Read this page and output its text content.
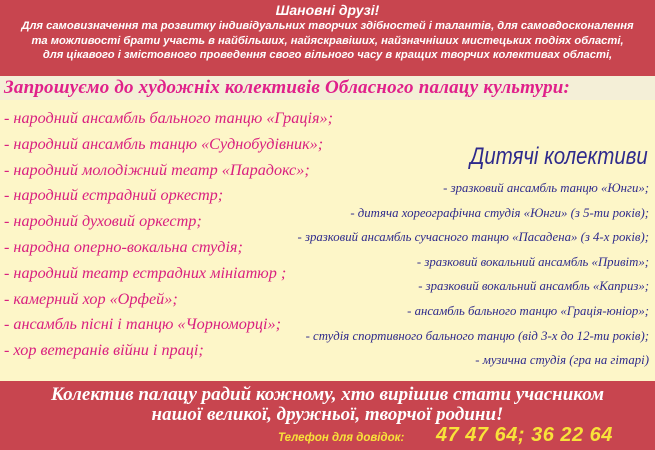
Шановні друзі!
Для самовизначення та розвитку індивідуальних творчих здібностей і талантів, для самовдосконалення
та можливості брати участь в найбільших, найяскравіших, найзначніших мистецьких подіях області,
для цікавого і змістовного проведення свого вільного часу в кращих творчих колективах області,
Запрошуємо до художніх колективів Обласного палацу культури:
- народний ансамбль бального танцю «Грація»;
- народний ансамбль танцю «Суднобудівник»;
- народний молодіжний театр «Парадокс»;
- народний естрадний оркестр;
- народний духовий оркестр;
- народна оперно-вокальна студія;
- народний театр естрадних мініатюр ;
- камерний хор «Орфей»;
- ансамбль пісні і танцю «Чорноморці»;
- хор ветеранів війни і праці;
Дитячі колективи
- зразковий ансамбль танцю «Юнги»;
- дитяча хореографічна студія «Юнги» (з 5-ти років);
- зразковий ансамбль сучасного танцю «Пасадена» (з 4-х років);
- зразковий вокальний ансамбль «Привіт»;
- зразковий вокальний ансамбль «Каприз»;
- ансамбль бального танцю «Грація-юніор»;
- студія спортивного бального танцю (від 3-х до 12-ти років);
- музична студія (гра на гітарі)
Колектив палацу радий кожному, хто вирішив стати учасником
нашої великої, дружньої, творчої родини!
Телефон для довідок: 47 47 64; 36 22 64
